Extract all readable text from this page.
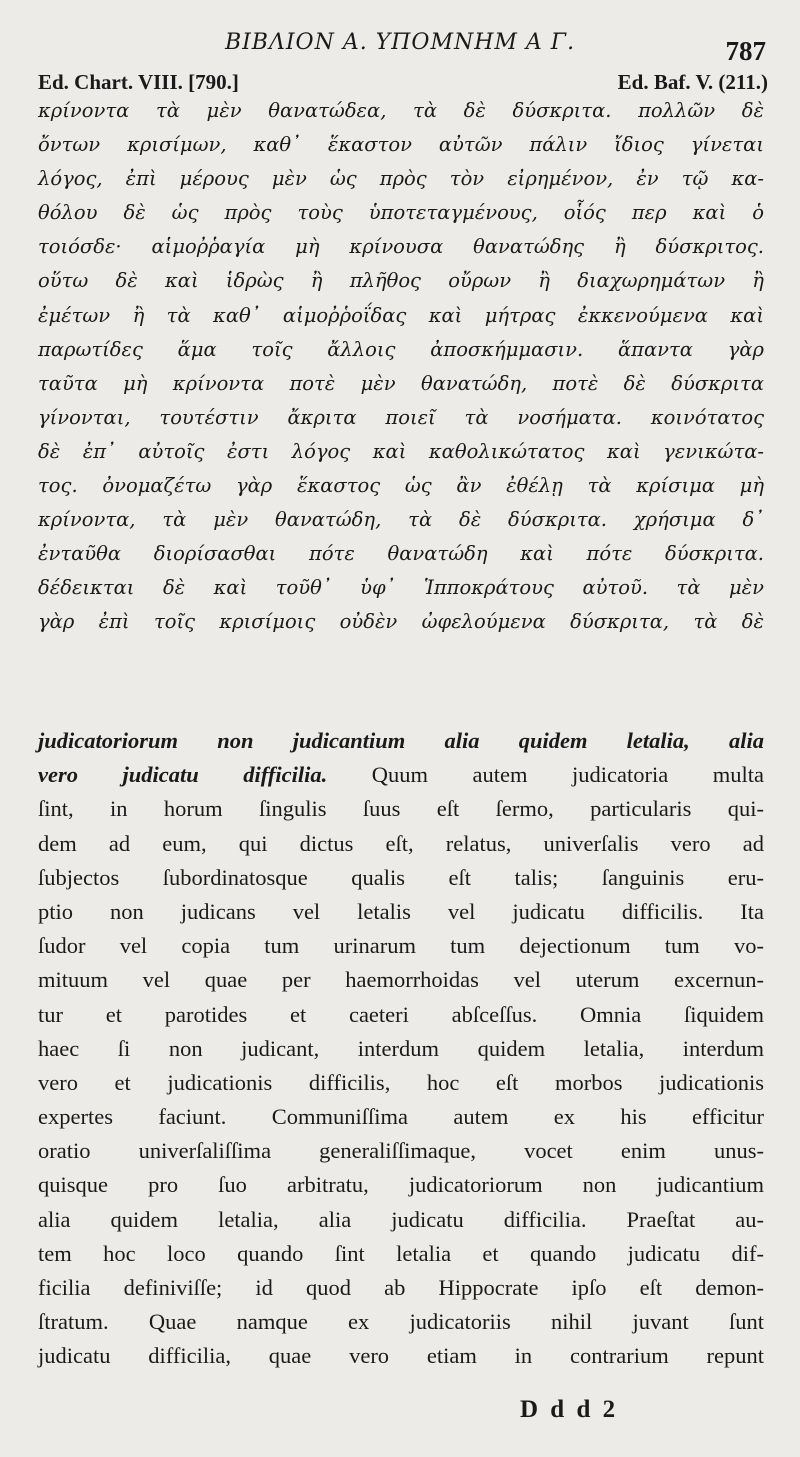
ΒΙΒΛΙΟΝ Α. ΥΠΟΜΝΗΜ Α Γ.	787
Ed. Chart. VIII. [790.]	Ed. Baf. V. (211.)
κρίνοντα τὰ μὲν θανατώδεα, τὰ δὲ δύσκριτα. πολλῶν δὲ
ὄντων κρισίμων, καθ᾽ ἕκαστον αὐτῶν πάλιν ἴδιος γίνεται
λόγος, ἐπὶ μέρους μὲν ὡς πρὸς τὸν εἰρημένον, ἐν τῷ κα-
θόλου δὲ ὡς πρὸς τοὺς ὑποτεταγμένους, οἷός περ καὶ ὁ
τοιόσδε· αἱμοῤῥαγία μὴ κρίνουσα θανατώδης ἢ δύσκριτος.
οὕτω δὲ καὶ ἱδρὼς ἢ πλῆθος οὔρων ἢ διαχωρημάτων ἢ
ἐμέτων ἢ τὰ καθ᾽ αἱμοῤῥοΐδας καὶ μήτρας ἐκκενούμενα καὶ
παρωτίδες ἅμα τοῖς ἄλλοις ἀποσκήμμασιν. ἅπαντα γὰρ
ταῦτα μὴ κρίνοντα ποτὲ μὲν θανατώδη, ποτὲ δὲ δύσκριτα
γίνονται, τουτέστιν ἄκριτα ποιεῖ τὰ νοσήματα. κοινότατος
δὲ ἐπ᾽ αὐτοῖς ἐστι λόγος καὶ καθολικώτατος καὶ γενικώτα-
τος. ὀνομαζέτω γὰρ ἕκαστος ὡς ἂν ἐθέλῃ τὰ κρίσιμα μὴ
κρίνοντα, τὰ μὲν θανατώδη, τὰ δὲ δύσκριτα. χρήσιμα δ᾽
ἐνταῦθα διορίσασθαι πότε θανατώδη καὶ πότε δύσκριτα.
δέδεικται δὲ καὶ τοῦθ᾽ ὑφ᾽ Ἱπποκράτους αὐτοῦ. τὰ μὲν
γὰρ ἐπὶ τοῖς κρισίμοις οὐδὲν ὠφελούμενα δύσκριτα, τὰ δὲ
judicatoriorum non judicantium alia quidem letalia, alia
vero judicatu difficilia. Quum autem judicatoria multa
ſint, in horum ſingulis ſuus eſt ſermo, particularis qui-
dem ad eum, qui dictus eſt, relatus, univerſalis vero ad
ſubjectos ſubordinatosque qualis eſt talis; ſanguinis eru-
ptio non judicans vel letalis vel judicatu difficilis. Ita
ſudor vel copia tum urinarum tum dejectionum tum vo-
mituum vel quae per haemorrhoidas vel uterum excernun-
tur et parotides et caeteri abſceſſus. Omnia ſiquidem
haec ſi non judicant, interdum quidem letalia, interdum
vero et judicationis difficilis, hoc eſt morbos judicationis
expertes faciunt. Communiſſima autem ex his efficitur
oratio univerſaliſſima generaliſſimaque, vocet enim unus-
quisque pro ſuo arbitratu, judicatoriorum non judicantium
alia quidem letalia, alia judicatu difficilia. Praeſtat au-
tem hoc loco quando ſint letalia et quando judicatu dif-
ficilia definiviſſe; id quod ab Hippocrate ipſo eſt demon-
ſtratum. Quae namque ex judicatoriis nihil juvant ſunt
judicatu difficilia, quae vero etiam in contrarium repunt
D d d 2
